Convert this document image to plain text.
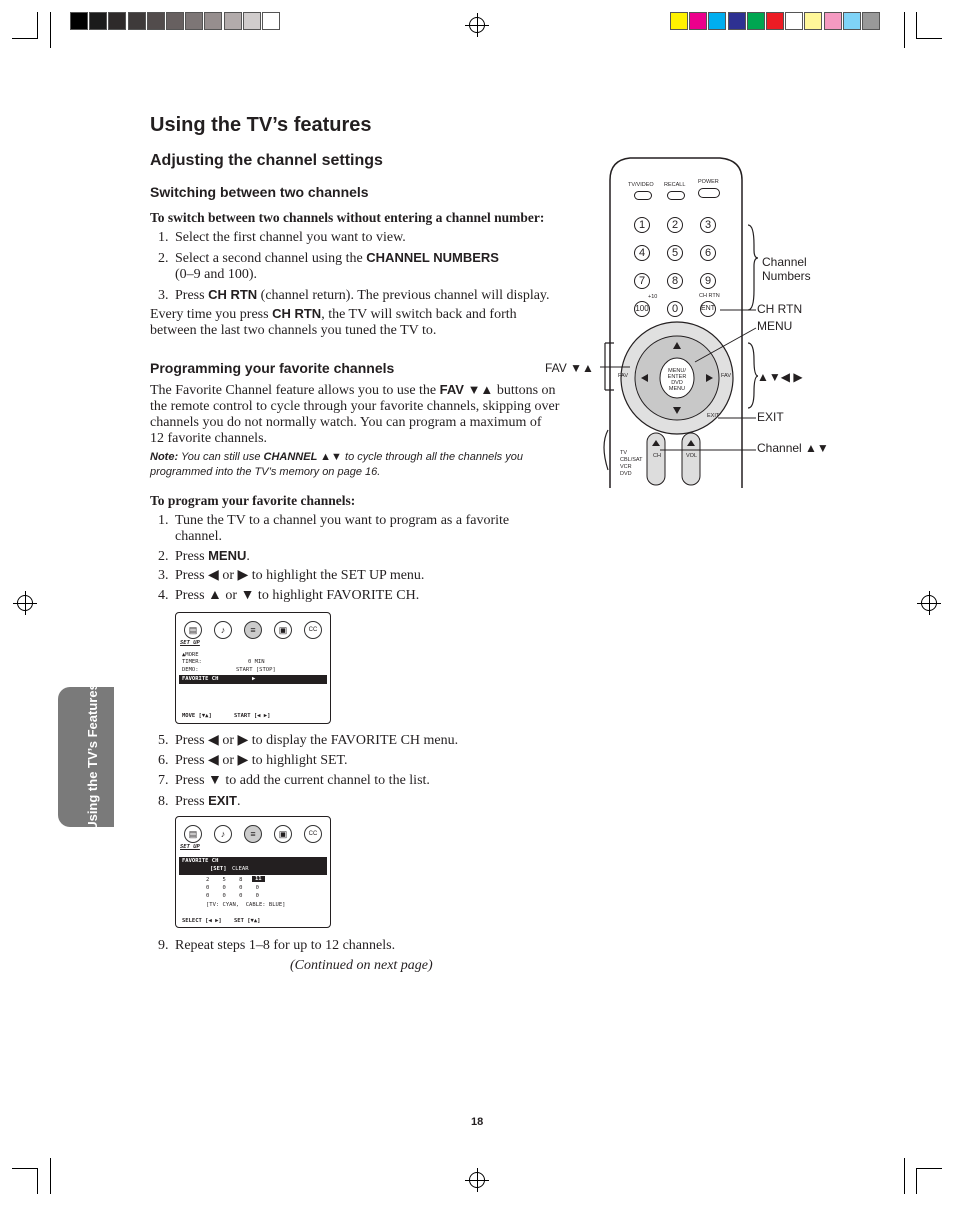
Using the TV’s features
Adjusting the channel settings
Switching between two channels
To switch between two channels without entering a channel number:
1. Select the first channel you want to view.
2. Select a second channel using the CHANNEL NUMBERS
(0–9 and 100).
3. Press CH RTN (channel return). The previous channel will display.
Every time you press CH RTN, the TV will switch back and forth
between the last two channels you tuned the TV to.
Programming your favorite channels
The Favorite Channel feature allows you to use the FAV ▼▲ buttons on
the remote control to cycle through your favorite channels, skipping over
channels you do not normally watch. You can program a maximum of
12 favorite channels.
Note: You can still use CHANNEL ▲▼ to cycle through all the channels you
programmed into the TV’s memory on page 16.
To program your favorite channels:
1. Tune the TV to a channel you want to program as a favorite
channel.
2. Press MENU.
3. Press ◀ or ▶ to highlight the SET UP menu.
4. Press ▲ or ▼ to highlight FAVORITE CH.
▤	♪	≡	▣	CC
SET UP
▲MORE
TIMER:	0 MIN
DEMO:	START [STOP]
FAVORITE CH	▶
MOVE [▼▲]	START [◀ ▶]
5. Press ◀ or ▶ to display the FAVORITE CH menu.
6. Press ◀ or ▶ to highlight SET.
7. Press ▼ to add the current channel to the list.
8. Press EXIT.
▤	♪	≡	▣	CC
SET UP
FAVORITE CH
[SET] CLEAR
2    5    8	11
0    0    0    0
0    0    0    0
[TV: CYAN,  CABLE: BLUE]
SELECT [◀ ▶] SET [▼▲]
9. Repeat steps 1–8 for up to 12 channels.
(Continued on next page)
Using the TV’s Features
18
TV/VIDEO RECALL POWER
1	2	3
4	5	6
7	8	9
+10	CH RTN
100	0	ENT
MENU/ ENTER DVD MENU
FAV	FAV
CH	VOL
TV CBL/SAT VCR DVD
EXIT
Channel Numbers
CH RTN
MENU
▲▼◀ ▶
EXIT
Channel ▲▼
FAV ▼▲
